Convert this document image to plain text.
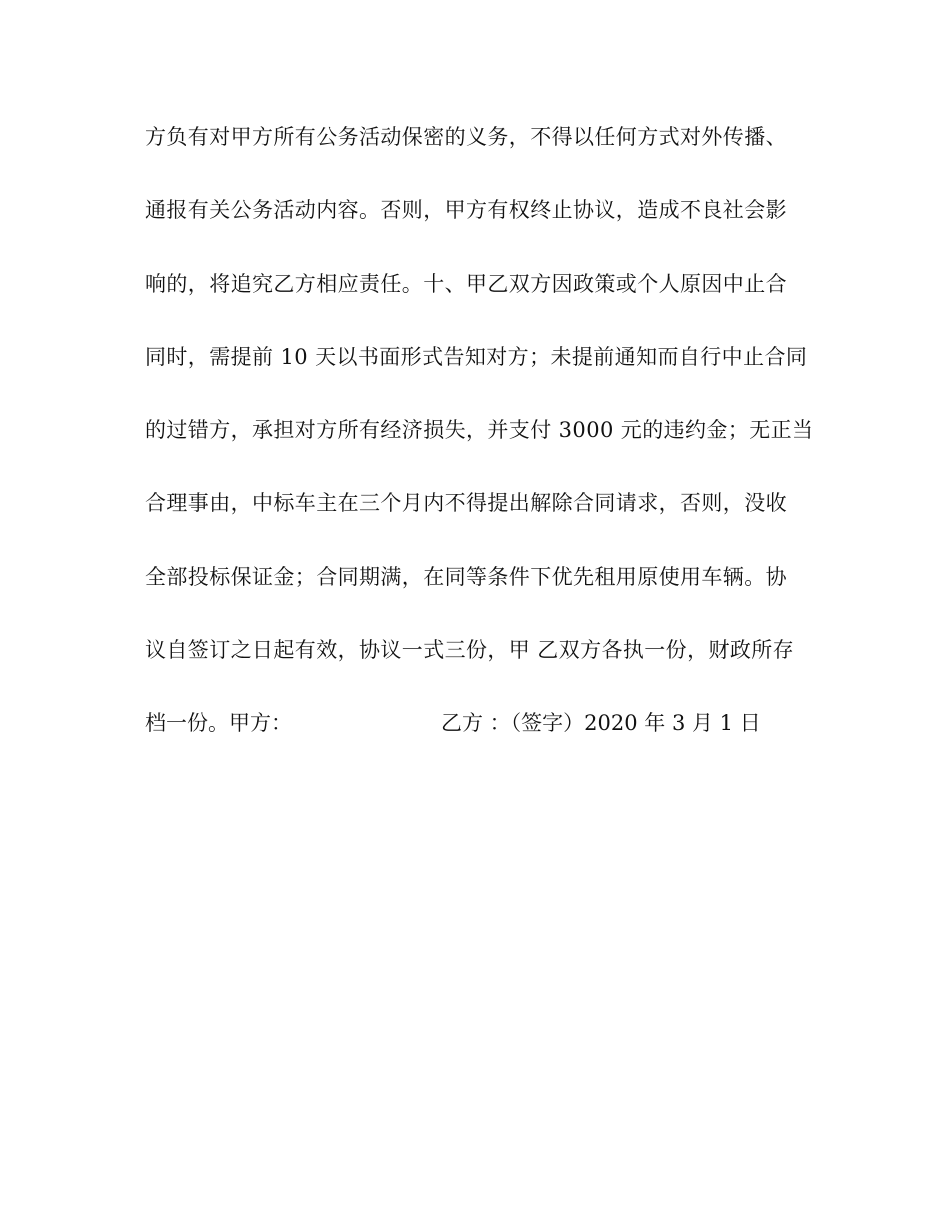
方负有对甲方所有公务活动保密的义务，不得以任何方式对外传播、
通报有关公务活动内容。否则，甲方有权终止协议，造成不良社会影
响的，将追究乙方相应责任。十、甲乙双方因政策或个人原因中止合
同时，需提前 10 天以书面形式告知对方；未提前通知而自行中止合同
的过错方，承担对方所有经济损失，并支付 3000 元的违约金；无正当
合理事由，中标车主在三个月内不得提出解除合同请求，否则，没收
全部投标保证金；合同期满，在同等条件下优先租用原使用车辆。协
议自签订之日起有效，协议一式三份，甲 乙双方各执一份，财政所存
档一份。甲方：	乙方 ：（签字）2020 年 3 月 1 日
